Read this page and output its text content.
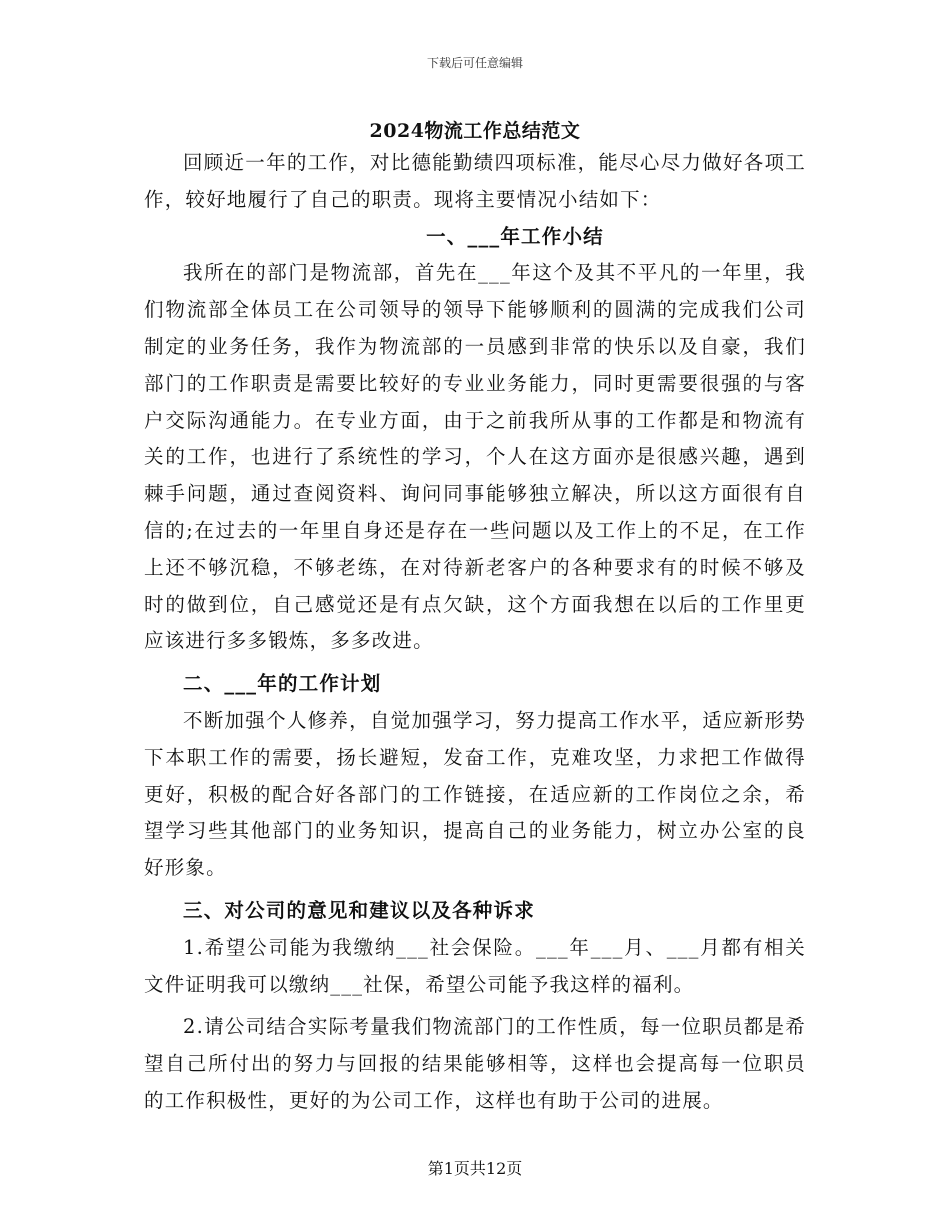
下载后可任意编辑
2024物流工作总结范文

回顾近一年的工作，对比德能勤绩四项标准，能尽心尽力做好各项工作，较好地履行了自己的职责。现将主要情况小结如下：

一、___年工作小结

我所在的部门是物流部，首先在___年这个及其不平凡的一年里，我们物流部全体员工在公司领导的领导下能够顺利的圆满的完成我们公司制定的业务任务，我作为物流部的一员感到非常的快乐以及自豪，我们部门的工作职责是需要比较好的专业业务能力，同时更需要很强的与客户交际沟通能力。在专业方面，由于之前我所从事的工作都是和物流有关的工作，也进行了系统性的学习，个人在这方面亦是很感兴趣，遇到棘手问题，通过查阅资料、询问同事能够独立解决，所以这方面很有自信的;在过去的一年里自身还是存在一些问题以及工作上的不足，在工作上还不够沉稳，不够老练，在对待新老客户的各种要求有的时候不够及时的做到位，自己感觉还是有点欠缺，这个方面我想在以后的工作里更应该进行多多锻炼，多多改进。

二、___年的工作计划

不断加强个人修养，自觉加强学习，努力提高工作水平，适应新形势下本职工作的需要，扬长避短，发奋工作，克难攻坚，力求把工作做得更好，积极的配合好各部门的工作链接，在适应新的工作岗位之余，希望学习些其他部门的业务知识，提高自己的业务能力，树立办公室的良好形象。

三、对公司的意见和建议以及各种诉求

1.希望公司能为我缴纳___社会保险。___年___月、___月都有相关文件证明我可以缴纳___社保，希望公司能予我这样的福利。

2.请公司结合实际考量我们物流部门的工作性质，每一位职员都是希望自己所付出的努力与回报的结果能够相等，这样也会提高每一位职员的工作积极性，更好的为公司工作，这样也有助于公司的进展。

第1页共12页
